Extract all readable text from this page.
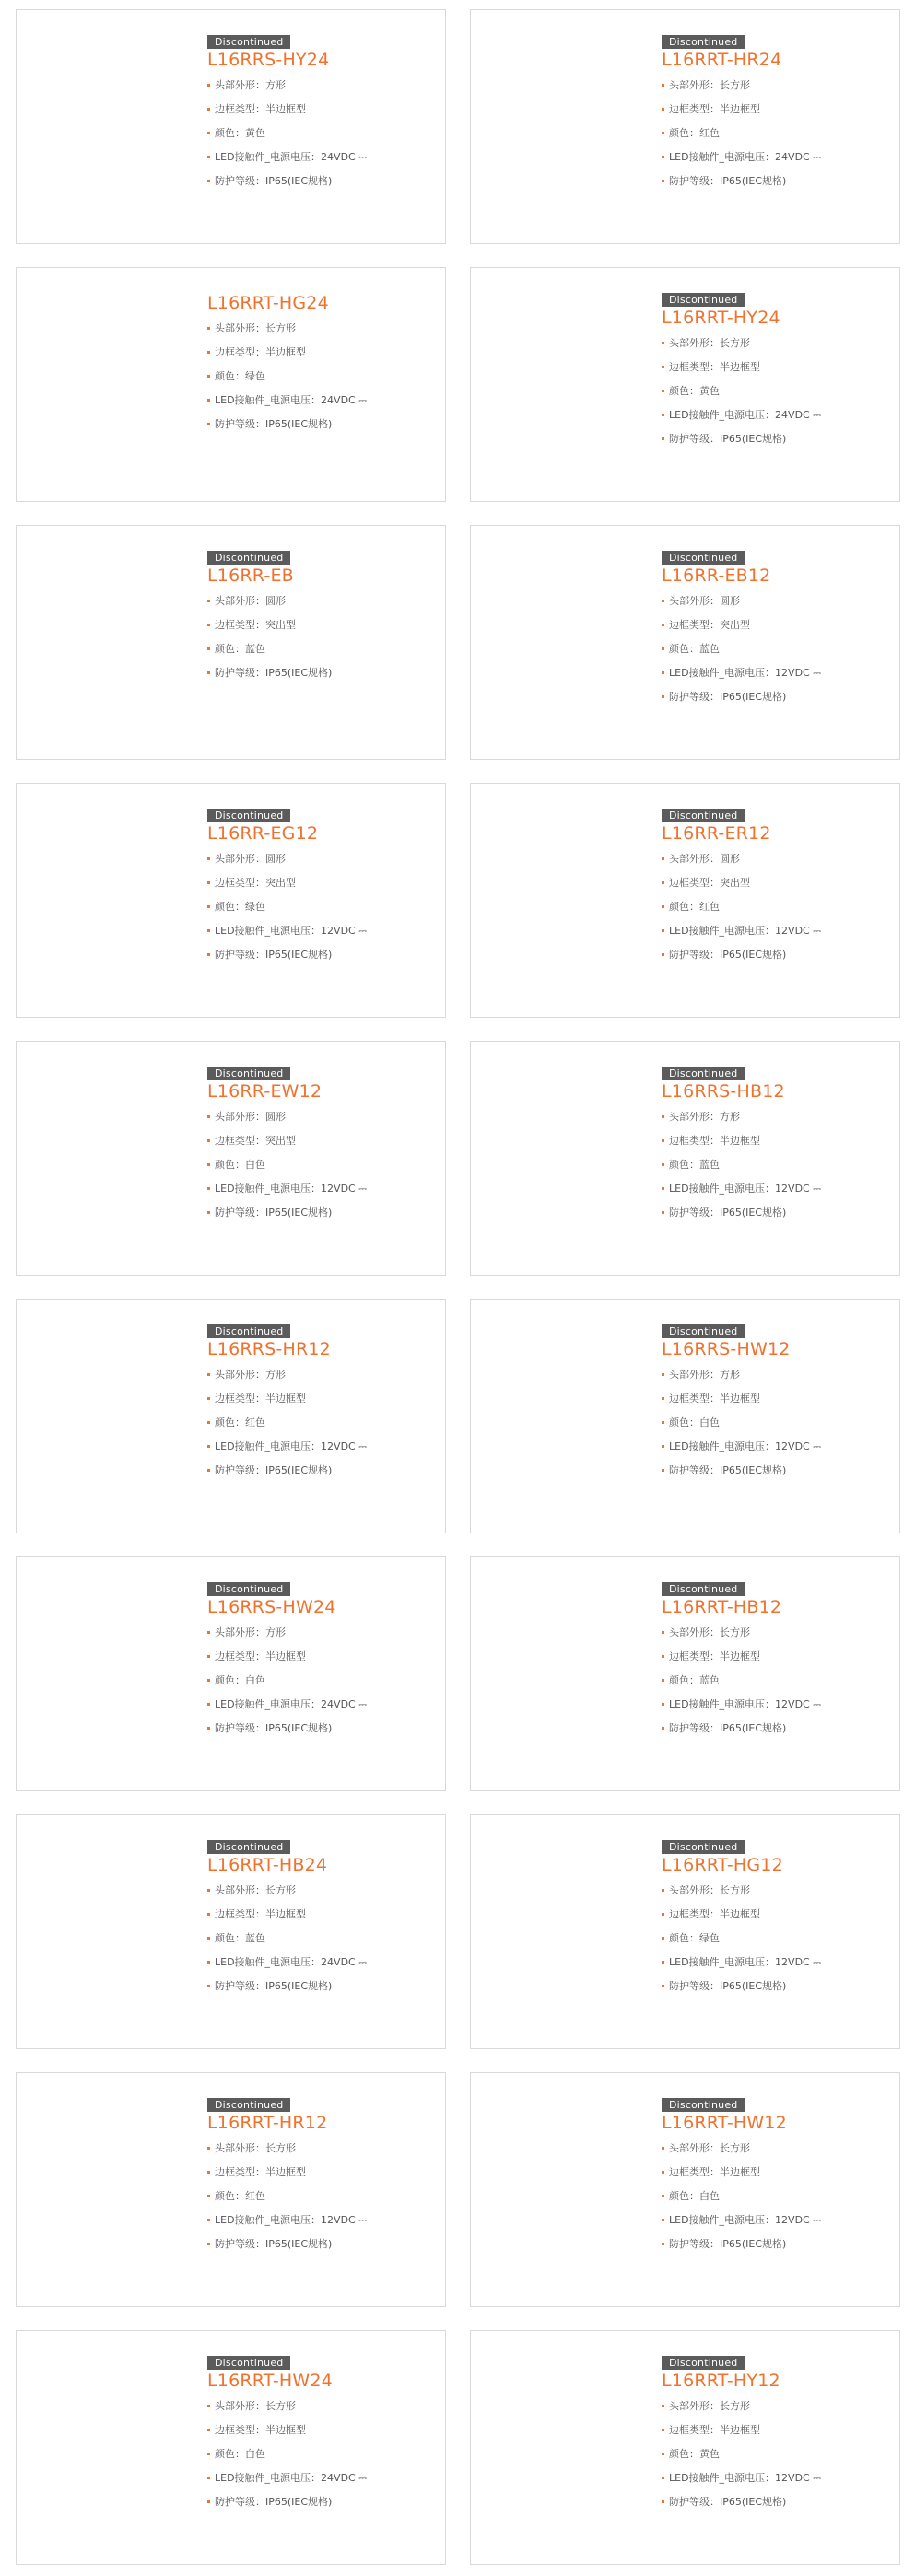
Discontinued
L16RRS-HY24
头部外形：方形
边框类型：半边框型
颜色：黄色
LED接触件_电源电压：24VDC ⎓
防护等级：IP65(IEC规格)
Discontinued
L16RRT-HR24
头部外形：长方形
边框类型：半边框型
颜色：红色
LED接触件_电源电压：24VDC ⎓
防护等级：IP65(IEC规格)
L16RRT-HG24
头部外形：长方形
边框类型：半边框型
颜色：绿色
LED接触件_电源电压：24VDC ⎓
防护等级：IP65(IEC规格)
Discontinued
L16RRT-HY24
头部外形：长方形
边框类型：半边框型
颜色：黄色
LED接触件_电源电压：24VDC ⎓
防护等级：IP65(IEC规格)
Discontinued
L16RR-EB
头部外形：圆形
边框类型：突出型
颜色：蓝色
防护等级：IP65(IEC规格)
Discontinued
L16RR-EB12
头部外形：圆形
边框类型：突出型
颜色：蓝色
LED接触件_电源电压：12VDC ⎓
防护等级：IP65(IEC规格)
Discontinued
L16RR-EG12
头部外形：圆形
边框类型：突出型
颜色：绿色
LED接触件_电源电压：12VDC ⎓
防护等级：IP65(IEC规格)
Discontinued
L16RR-ER12
头部外形：圆形
边框类型：突出型
颜色：红色
LED接触件_电源电压：12VDC ⎓
防护等级：IP65(IEC规格)
Discontinued
L16RR-EW12
头部外形：圆形
边框类型：突出型
颜色：白色
LED接触件_电源电压：12VDC ⎓
防护等级：IP65(IEC规格)
Discontinued
L16RRS-HB12
头部外形：方形
边框类型：半边框型
颜色：蓝色
LED接触件_电源电压：12VDC ⎓
防护等级：IP65(IEC规格)
Discontinued
L16RRS-HR12
头部外形：方形
边框类型：半边框型
颜色：红色
LED接触件_电源电压：12VDC ⎓
防护等级：IP65(IEC规格)
Discontinued
L16RRS-HW12
头部外形：方形
边框类型：半边框型
颜色：白色
LED接触件_电源电压：12VDC ⎓
防护等级：IP65(IEC规格)
Discontinued
L16RRS-HW24
头部外形：方形
边框类型：半边框型
颜色：白色
LED接触件_电源电压：24VDC ⎓
防护等级：IP65(IEC规格)
Discontinued
L16RRT-HB12
头部外形：长方形
边框类型：半边框型
颜色：蓝色
LED接触件_电源电压：12VDC ⎓
防护等级：IP65(IEC规格)
Discontinued
L16RRT-HB24
头部外形：长方形
边框类型：半边框型
颜色：蓝色
LED接触件_电源电压：24VDC ⎓
防护等级：IP65(IEC规格)
Discontinued
L16RRT-HG12
头部外形：长方形
边框类型：半边框型
颜色：绿色
LED接触件_电源电压：12VDC ⎓
防护等级：IP65(IEC规格)
Discontinued
L16RRT-HR12
头部外形：长方形
边框类型：半边框型
颜色：红色
LED接触件_电源电压：12VDC ⎓
防护等级：IP65(IEC规格)
Discontinued
L16RRT-HW12
头部外形：长方形
边框类型：半边框型
颜色：白色
LED接触件_电源电压：12VDC ⎓
防护等级：IP65(IEC规格)
Discontinued
L16RRT-HW24
头部外形：长方形
边框类型：半边框型
颜色：白色
LED接触件_电源电压：24VDC ⎓
防护等级：IP65(IEC规格)
Discontinued
L16RRT-HY12
头部外形：长方形
边框类型：半边框型
颜色：黄色
LED接触件_电源电压：12VDC ⎓
防护等级：IP65(IEC规格)
